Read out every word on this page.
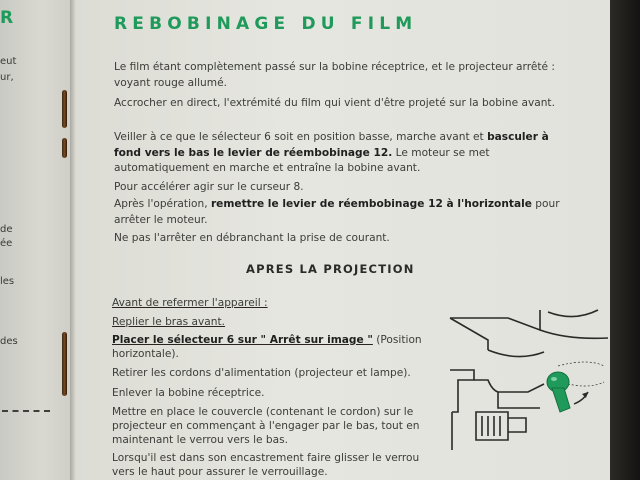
R
eut
ur,
de
ée
les
des
REBOBINAGE DU FILM
Le film étant complètement passé sur la bobine réceptrice, et le projecteur arrêté : voyant rouge allumé.
Accrocher en direct, l'extrémité du film qui vient d'être projeté sur la bobine avant.
Veiller à ce que le sélecteur 6 soit en position basse, marche avant et basculer à fond vers le bas le levier de réembobinage 12. Le moteur se met automatiquement en marche et entraîne la bobine avant.
Pour accélérer agir sur le curseur 8.
Après l'opération, remettre le levier de réembobinage 12 à l'horizontale pour arrêter le moteur.
Ne pas l'arrêter en débranchant la prise de courant.
APRES LA PROJECTION
Avant de refermer l'appareil :
Replier le bras avant.
Placer le sélecteur 6 sur " Arrêt sur image " (Position
horizontale).
Retirer les cordons d'alimentation (projecteur et lampe).
Enlever la bobine réceptrice.
Mettre en place le couvercle (contenant le cordon) sur le projecteur en commençant à l'engager par le bas, tout en maintenant le verrou vers le bas.
Lorsqu'il est dans son encastrement faire glisser le verrou vers le haut pour assurer le verrouillage.
